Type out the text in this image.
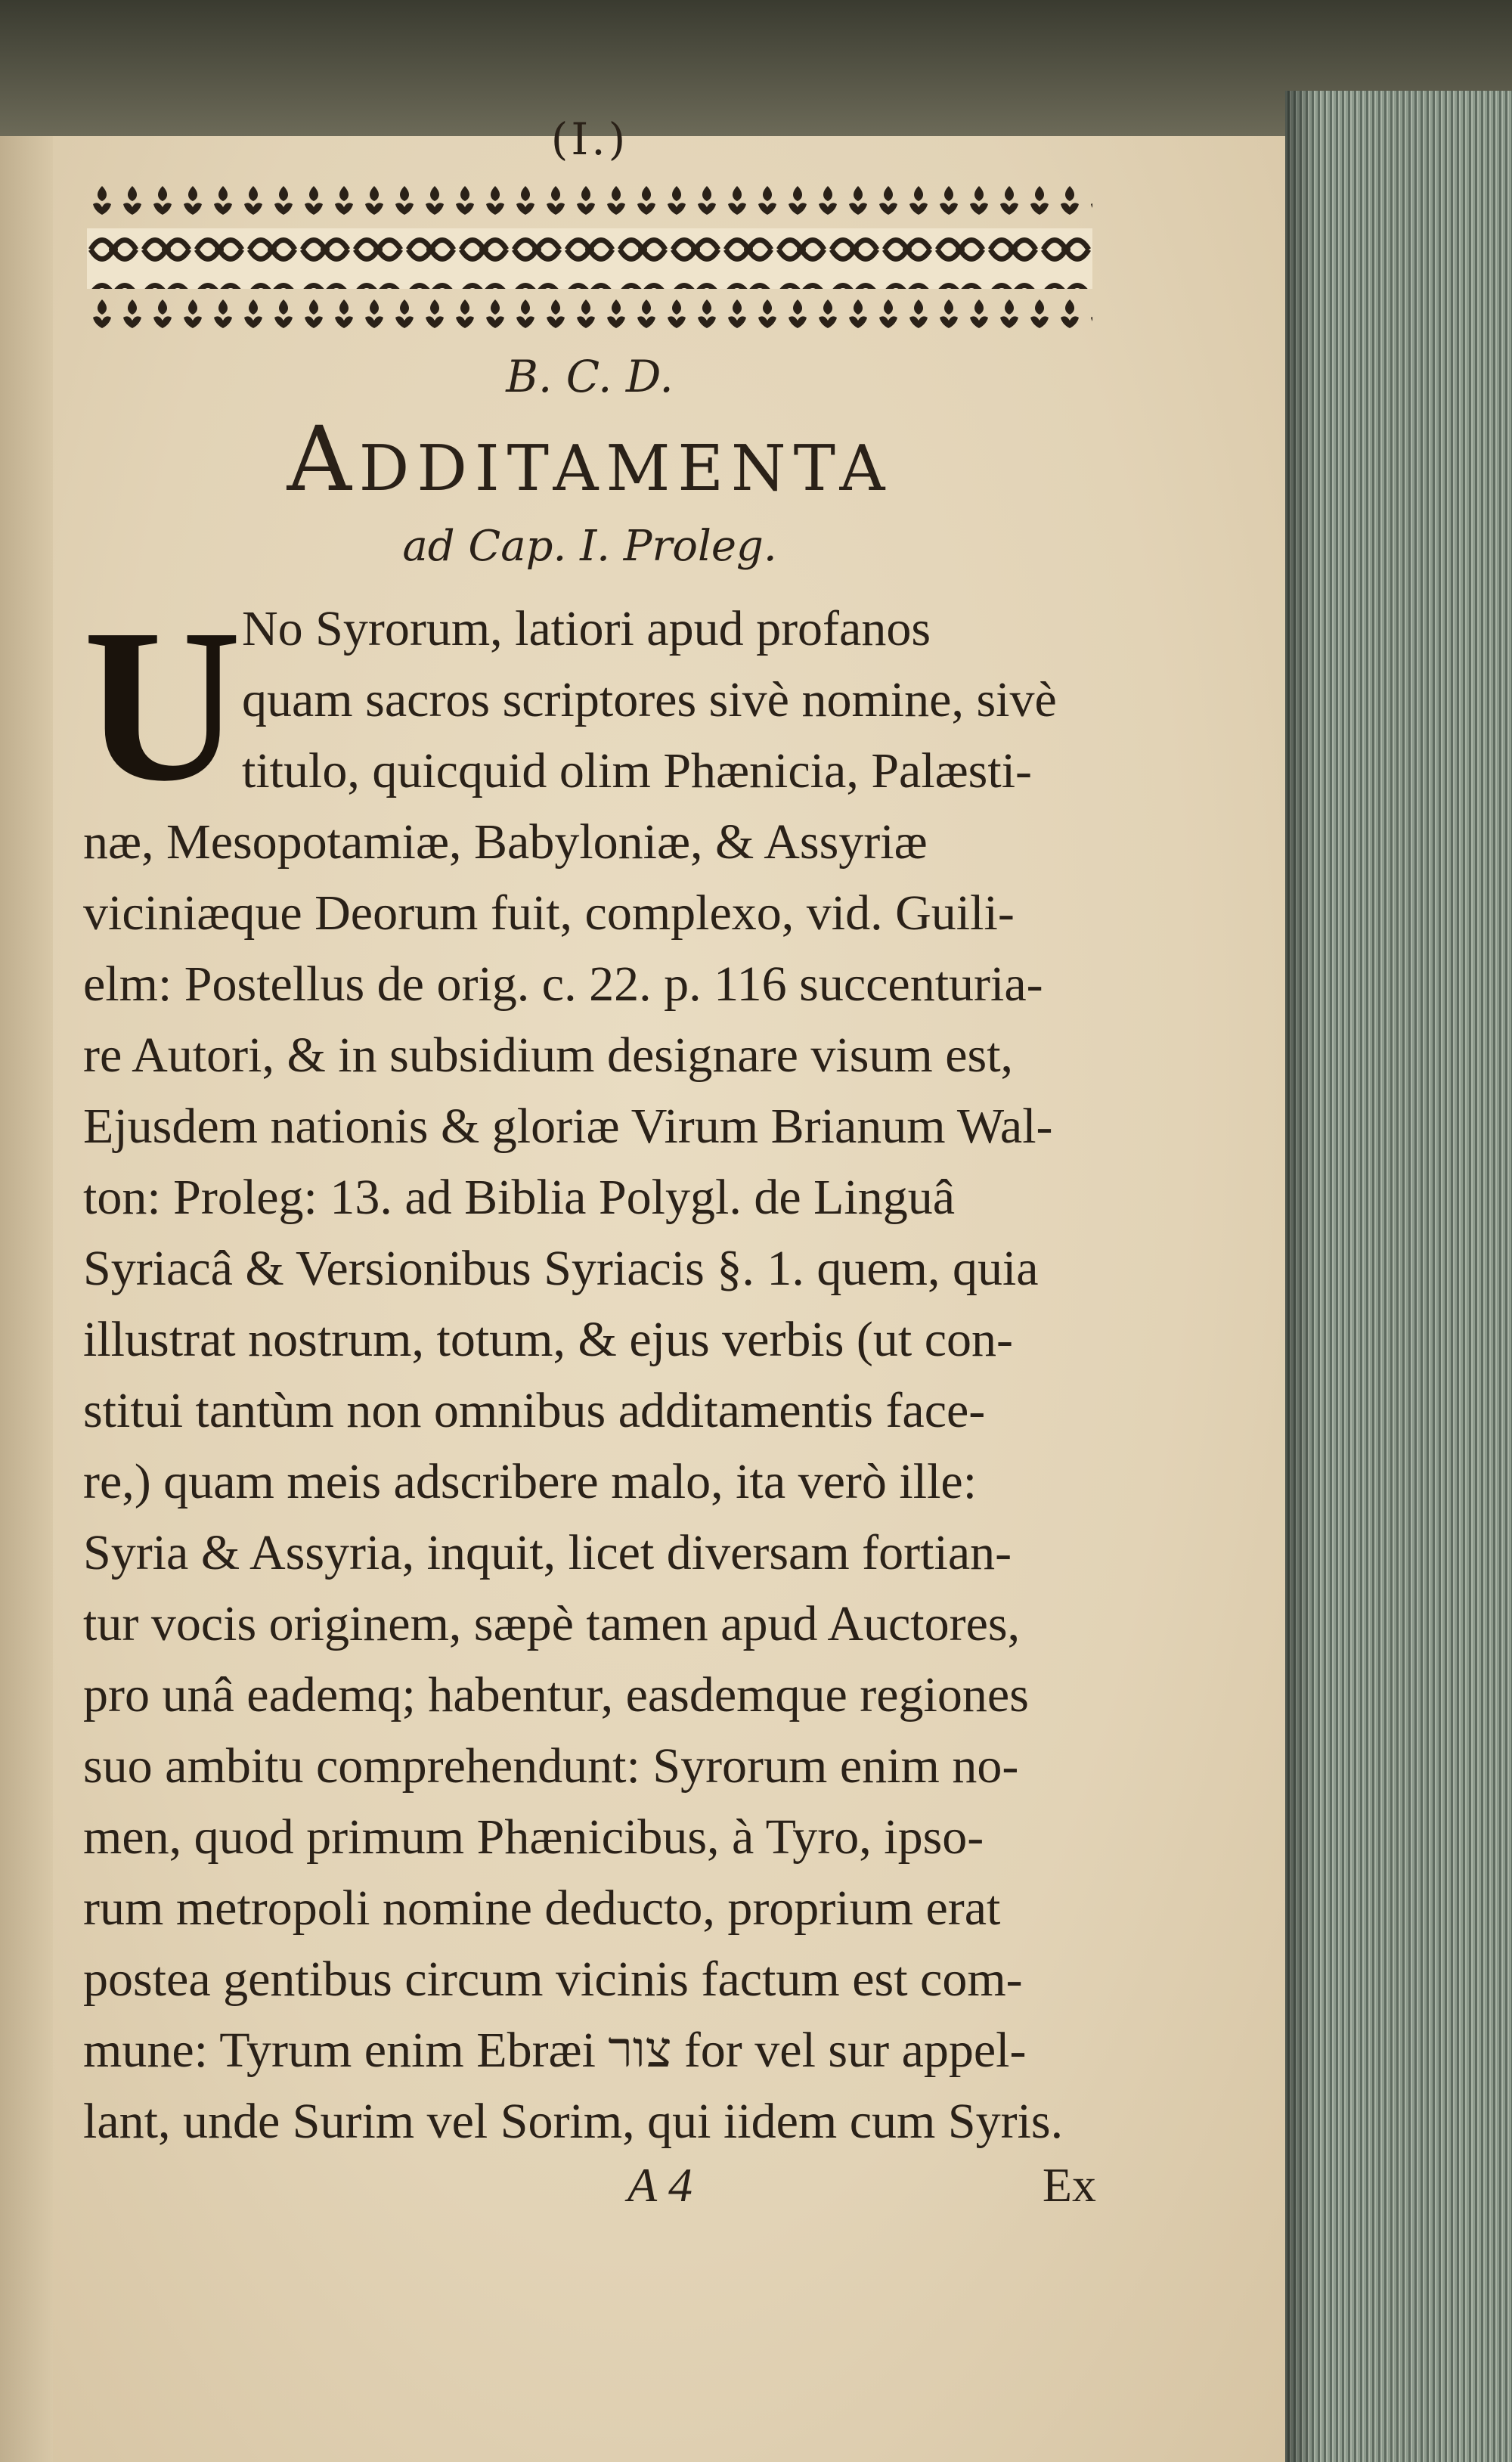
(I.)

B. C. D.

Additamenta

ad Cap. I. Proleg.

U No Syrorum, latiori apud profanos
quam sacros scriptores sivè nomine, sivè
titulo, quicquid olim Phænicia, Palæsti-
næ, Mesopotamiæ, Babyloniæ, & Assyriæ
viciniæque Deorum fuit, complexo, vid. Guili-
elm: Postellus de orig. c. 22. p. 116 succenturia-
re Autori, & in subsidium designare visum est,
Ejusdem nationis & gloriæ Virum Brianum Wal-
ton: Proleg: 13. ad Biblia Polygl. de Linguâ
Syriacâ & Versionibus Syriacis §. 1. quem, quia
illustrat nostrum, totum, & ejus verbis (ut con-
stitui tantùm non omnibus additamentis face-
re,) quam meis adscribere malo, ita verò ille:
Syria & Assyria, inquit, licet diversam fortian-
tur vocis originem, sæpè tamen apud Auctores,
pro unâ eademq; habentur, easdemque regiones
suo ambitu comprehendunt: Syrorum enim no-
men, quod primum Phænicibus, à Tyro, ipso-
rum metropoli nomine deducto, proprium erat
postea gentibus circum vicinis factum est com-
mune: Tyrum enim Ebræi צור for vel sur appel-
lant, unde Surim vel Sorim, qui iidem cum Syris.
A 4	Ex
